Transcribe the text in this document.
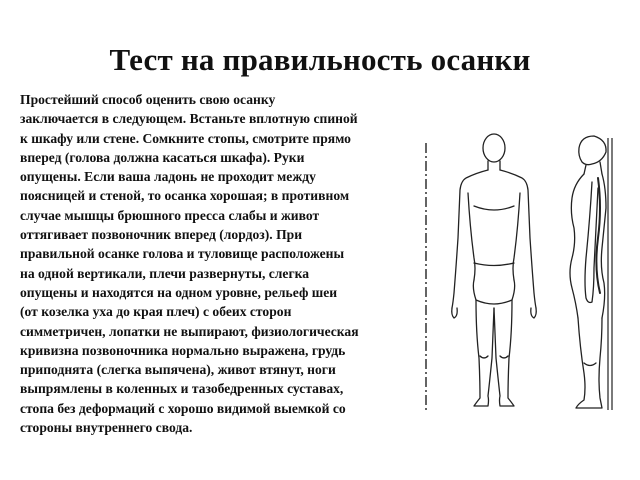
Тест на правильность осанки
Простейший способ оценить свою осанку
заключается в следующем. Встаньте вплотную спиной
к шкафу или стене. Сомкните стопы, смотрите прямо
вперед (голова должна касаться шкафа). Руки
опущены. Если ваша ладонь не проходит между
поясницей и стеной, то осанка хорошая; в противном
случае мышцы брюшного пресса слабы и живот
оттягивает позвоночник вперед (лордоз). При
правильной осанке голова и туловище расположены
на одной вертикали, плечи развернуты, слегка
опущены и находятся на одном уровне, рельеф шеи
(от козелка уха до края плеч) с обеих сторон
симметричен, лопатки не выпирают, физиологическая
кривизна позвоночника нормально выражена, грудь
приподнята (слегка выпячена), живот втянут, ноги
выпрямлены в коленных и тазобедренных суставах,
стопа без деформаций с хорошо видимой выемкой со
стороны внутреннего свода.
